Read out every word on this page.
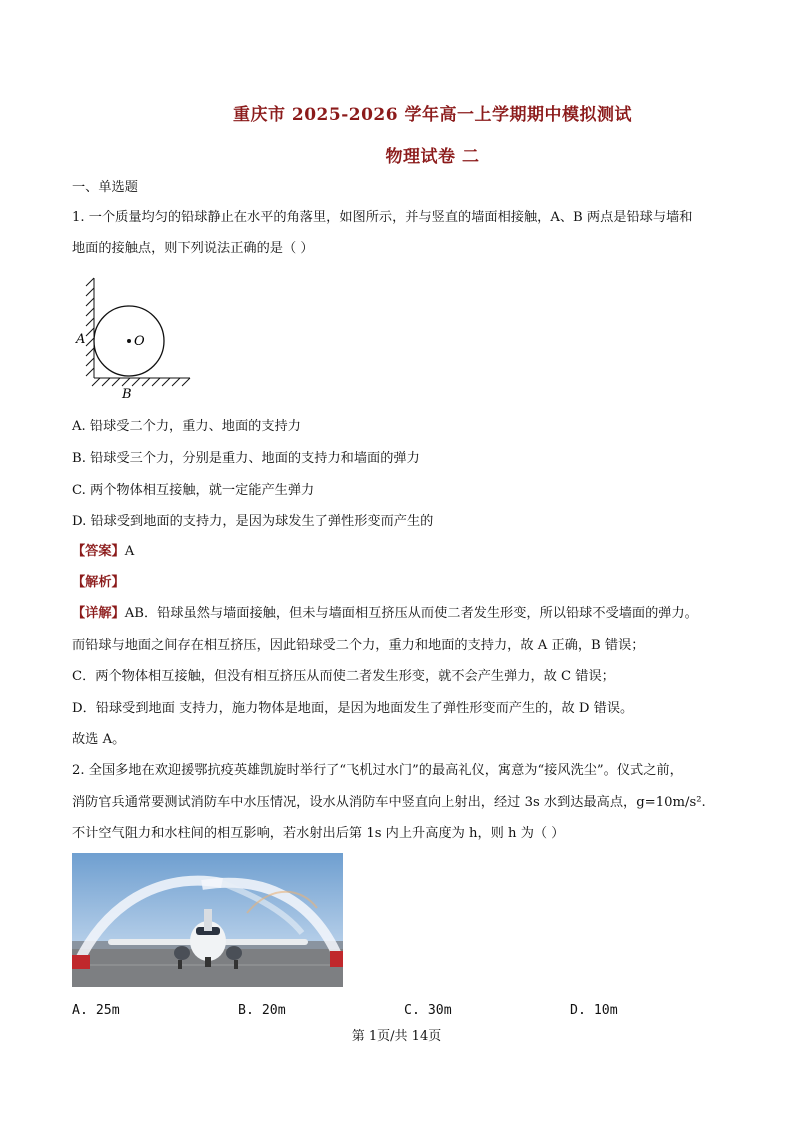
重庆市 2025-2026 学年高一上学期期中模拟测试
物理试卷 二
一、单选题
1. 一个质量均匀的铅球静止在水平的角落里，如图所示，并与竖直的墙面相接触，A、B 两点是铅球与墙和
地面的接触点，则下列说法正确的是（ ）
O
A
B
A. 铅球受二个力，重力、地面的支持力
B. 铅球受三个力，分别是重力、地面的支持力和墙面的弹力
C. 两个物体相互接触，就一定能产生弹力
D. 铅球受到地面的支持力，是因为球发生了弹性形变而产生的
【答案】A
【解析】
【详解】AB．铅球虽然与墙面接触，但未与墙面相互挤压从而使二者发生形变，所以铅球不受墙面的弹力。
而铅球与地面之间存在相互挤压，因此铅球受二个力，重力和地面的支持力，故 A 正确，B 错误；
C．两个物体相互接触，但没有相互挤压从而使二者发生形变，就不会产生弹力，故 C 错误；
D．铅球受到地面 支持力，施力物体是地面，是因为地面发生了弹性形变而产生的，故 D 错误。
故选 A。
2. 全国多地在欢迎援鄂抗疫英雄凯旋时举行了“飞机过水门”的最高礼仪，寓意为“接风洗尘”。仪式之前，
消防官兵通常要测试消防车中水压情况，设水从消防车中竖直向上射出，经过 3s 水到达最高点，g=10m/s².
不计空气阻力和水柱间的相互影响，若水射出后第 1s 内上升高度为 h，则 h 为（ ）
A. 25m	B. 20m	C. 30m	D. 10m
第 1页/共 14页
